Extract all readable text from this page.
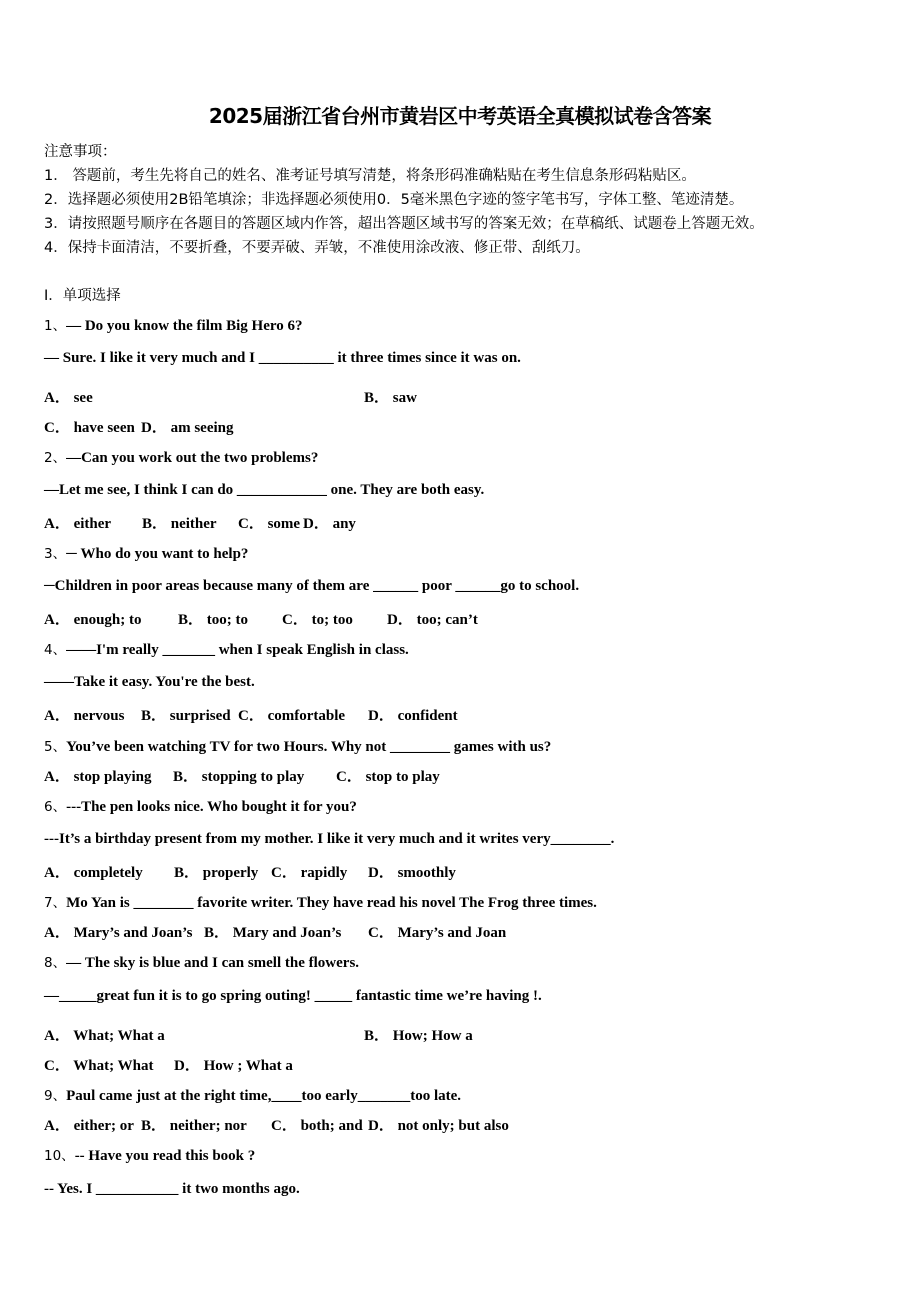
2025届浙江省台州市黄岩区中考英语全真模拟试卷含答案
注意事项：
1． 答题前，考生先将自己的姓名、准考证号填写清楚，将条形码准确粘贴在考生信息条形码粘贴区。
2．选择题必须使用2B铅笔填涂；非选择题必须使用0．5毫米黑色字迹的签字笔书写，字体工整、笔迹清楚。
3．请按照题号顺序在各题目的答题区域内作答，超出答题区域书写的答案无效；在草稿纸、试题卷上答题无效。
4．保持卡面清洁，不要折叠，不要弄破、弄皱，不准使用涂改液、修正带、刮纸刀。
Ⅰ．单项选择
1、— Do you know the film Big Hero 6?
— Sure. I like it very much and I __________ it three times since it was on.
A． see	B． saw
C． have seen D． am seeing
2、—Can you work out the two problems?
—Let me see, I think I can do ____________ one. They are both easy.
A． either B． neither C． some D． any
3、─ Who do you want to help?
─Children in poor areas because many of them are ______ poor ______go to school.
A． enough; to B． too; to C． to; too D． too; can’t
4、——I'm really _______ when I speak English in class.
——Take it easy. You're the best.
A． nervous B． surprised C． comfortable D． confident
5、You’ve been watching TV for two Hours. Why not ________ games with us?
A． stop playing B． stopping to play C． stop to play
6、---The pen looks nice. Who bought it for you?
---It’s a birthday present from my mother. I like it very much and it writes very________.
A． completely B． properly C． rapidly D． smoothly
7、Mo Yan is ________ favorite writer. They have read his novel The Frog three times.
A． Mary’s and Joan’s B． Mary and Joan’s C． Mary’s and Joan
8、— The sky is blue and I can smell the flowers.
—_____great fun it is to go spring outing! _____ fantastic time we’re having !.
A． What; What a	B． How; How a
C． What; What D． How ; What a
9、Paul came just at the right time,____too early_______too late.
A． either; or B． neither; nor C． both; and D． not only; but also
10、-- Have you read this book ?
-- Yes. I ___________ it two months ago.
